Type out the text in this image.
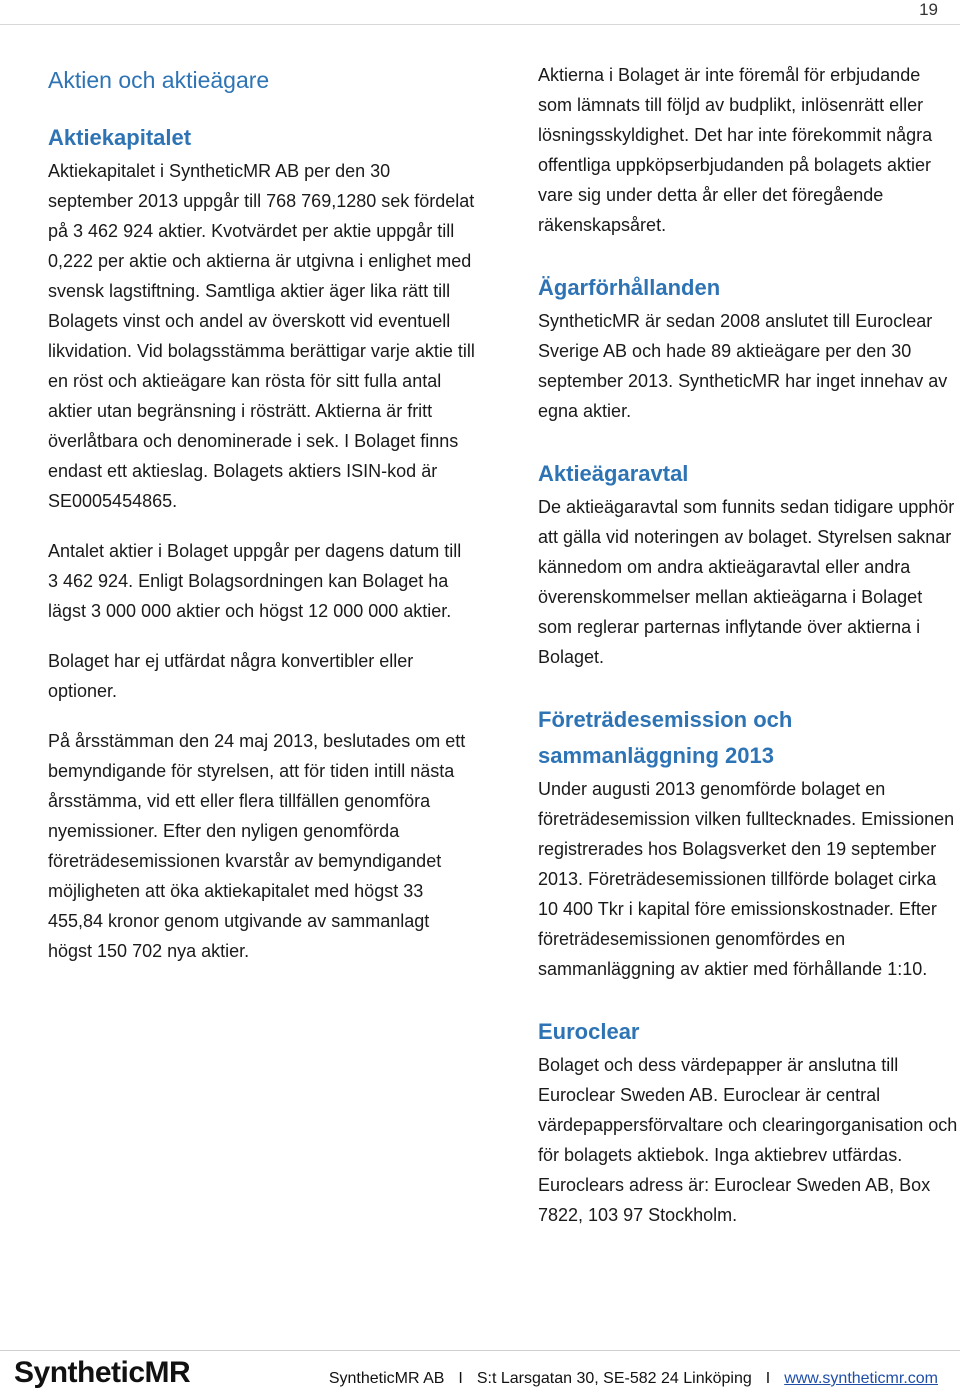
19
Aktien och aktieägare
Aktiekapitalet

Aktiekapitalet i SyntheticMR AB per den 30 september 2013 uppgår till 768 769,1280 sek fördelat på 3 462 924 aktier. Kvotvärdet per aktie uppgår till 0,222 per aktie och aktierna är utgivna i enlighet med svensk lagstiftning. Samtliga aktier äger lika rätt till Bolagets vinst och andel av överskott vid eventuell likvidation. Vid bolagsstämma berättigar varje aktie till en röst och aktieägare kan rösta för sitt fulla antal aktier utan begränsning i rösträtt. Aktierna är fritt överlåtbara och denominerade i sek. I Bolaget finns endast ett aktieslag. Bolagets aktiers ISIN-kod är SE0005454865.

Antalet aktier i Bolaget uppgår per dagens datum till 3 462 924. Enligt Bolagsordningen kan Bolaget ha lägst 3 000 000 aktier och högst 12 000 000 aktier.

Bolaget har ej utfärdat några konvertibler eller optioner.

På årsstämman den 24 maj 2013, beslutades om ett bemyndigande för styrelsen, att för tiden intill nästa årsstämma, vid ett eller flera tillfällen genomföra nyemissioner. Efter den nyligen genomförda företrädesemissionen kvarstår av bemyndigandet möjligheten att öka aktiekapitalet med högst 33 455,84 kronor genom utgivande av sammanlagt högst 150 702 nya aktier.

Aktierna i Bolaget är inte föremål för erbjudande som lämnats till följd av budplikt, inlösenrätt eller lösningsskyldighet. Det har inte förekommit några offentliga uppköpserbjudanden på bolagets aktier vare sig under detta år eller det föregående räkenskapsåret.

Ägarförhållanden

SyntheticMR är sedan 2008 anslutet till Euroclear Sverige AB och hade 89 aktieägare per den 30 september 2013. SyntheticMR har inget innehav av egna aktier.

Aktieägaravtal

De aktieägaravtal som funnits sedan tidigare upphör att gälla vid noteringen av bolaget. Styrelsen saknar kännedom om andra aktieägaravtal eller andra överenskommelser mellan aktieägarna i Bolaget som reglerar parternas inflytande över aktierna i Bolaget.

Företrädesemission och sammanläggning 2013

Under augusti 2013 genomförde bolaget en företrädesemission vilken fulltecknades. Emissionen registrerades hos Bolagsverket den 19 september 2013. Företrädesemissionen tillförde bolaget cirka 10 400 Tkr i kapital före emissionskostnader. Efter företrädesemissionen genomfördes en sammanläggning av aktier med förhållande 1:10.

Euroclear

Bolaget och dess värdepapper är anslutna till Euroclear Sweden AB. Euroclear är central värdepappersförvaltare och clearingorganisation och för bolagets aktiebok. Inga aktiebrev utfärdas. Euroclears adress är: Euroclear Sweden AB, Box 7822, 103 97 Stockholm.

SyntheticMR	SyntheticMR AB I S:t Larsgatan 30, SE-582 24 Linköping I www.syntheticmr.com
